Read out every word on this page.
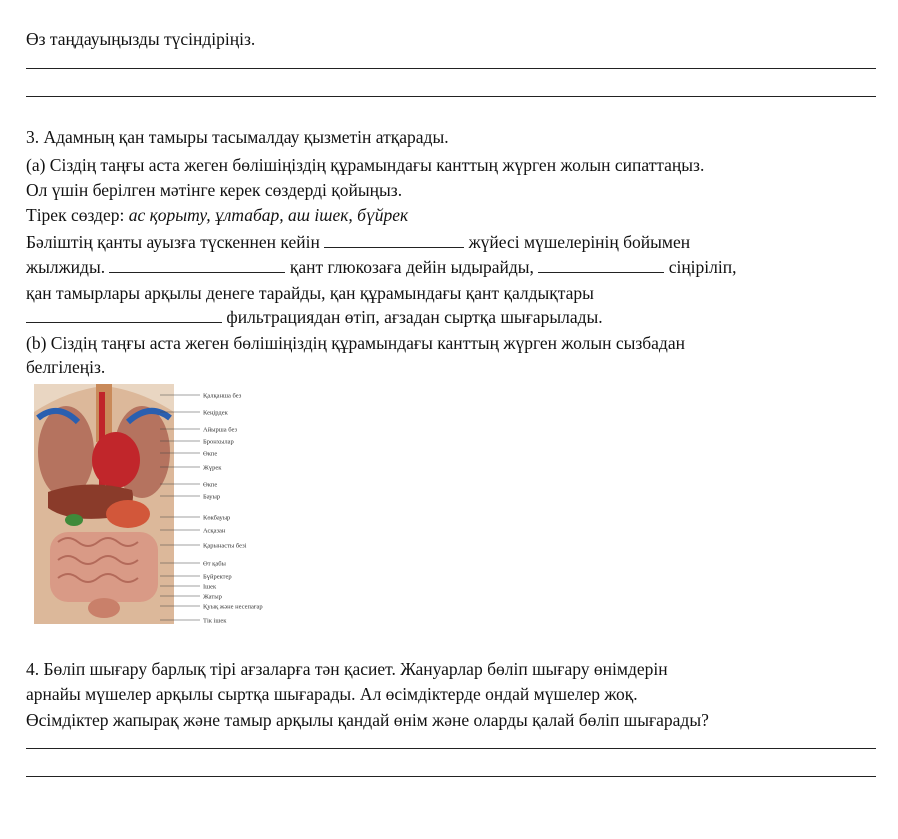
Өз таңдауыңызды түсіндіріңіз.
3. Адамның қан тамыры тасымалдау қызметін атқарады.
(а) Сіздің таңғы аста жеген бөлішіңіздің құрамындағы канттың жүрген жолын сипаттаңыз.
Ол үшін берілген мәтінге керек сөздерді қойыңыз.
Тірек сөздер: ас қорыту, ұлтабар, аш ішек, бүйрек
Бәліштің қанты ауызға түскеннен кейін	жүйесі мүшелерінің бойымен
жылжиды.	қант глюкозаға дейін ыдырайды,	сіңіріліп,
қан тамырлары арқылы денеге тарайды, қан құрамындағы қант қалдықтары
фильтрациядан өтіп, ағзадан сыртқа шығарылады.
(b) Сіздің таңғы аста жеген бөлішіңіздің құрамындағы канттың жүрген жолын сызбадан
белгілеңіз.
Қалқанша без
Кеңірдек
Айырша без
Бронхылар
Өкпе
Жүрек
Өкпе
Бауыр
Көкбауыр
Асқазан
Қарынасты безі
Өт қабы
Бүйректер
Ішек
Жатыр
Қуық және несепағар
Тік ішек
4. Бөліп шығару барлық тірі ағзаларға тән қасиет. Жануарлар бөліп шығару өнімдерін
арнайы мүшелер арқылы сыртқа шығарады. Ал өсімдіктерде ондай мүшелер жоқ.
Өсімдіктер жапырақ және тамыр арқылы қандай өнім және оларды қалай бөліп шығарады?
